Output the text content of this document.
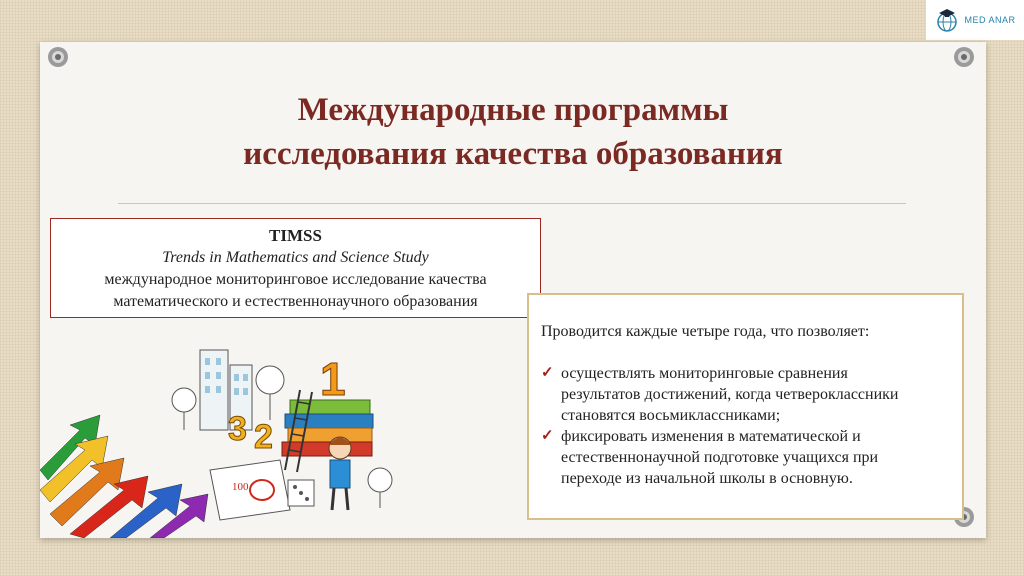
MED ANAR
Международные программы
исследования качества образования
TIMSS
Trends in Mathematics and Science Study
международное мониторинговое исследование качества
математического и естественнонаучного образования
1
3 2
100
Проводится каждые четыре года, что позволяет:
✓ осуществлять мониторинговые сравнения
результатов достижений, когда четвероклассники
становятся восьмиклассниками;
✓ фиксировать изменения в математической и
естественнонаучной подготовке учащихся при
переходе из начальной школы в основную.
